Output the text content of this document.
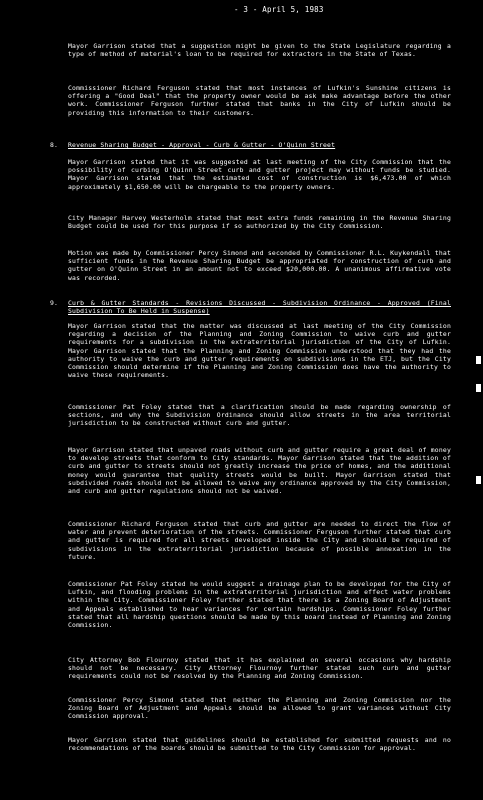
- 3 - April 5, 1983

Mayor Garrison stated that a suggestion might be given to the State Legislature regarding a type of method of material's loan to be required for extractors in the State of Texas.

Commissioner Richard Ferguson stated that most instances of Lufkin's Sunshine citizens is offering a "Good Deal" that the property owner would be ask make advantage before the other work. Commissioner Ferguson further stated that banks in the City of Lufkin should be providing this information to their customers.

8. Revenue Sharing Budget - Approval - Curb & Gutter - O'Quinn Street

Mayor Garrison stated that it was suggested at last meeting of the City Commission that the possibility of curbing O'Quinn Street curb and gutter project may without funds be studied. Mayor Garrison stated that the estimated cost of construction is $6,473.00 of which approximately $1,650.00 will be chargeable to the property owners.

City Manager Harvey Westerholm stated that most extra funds remaining in the Revenue Sharing Budget could be used for this purpose if so authorized by the City Commission.

Motion was made by Commissioner Percy Simond and seconded by Commissioner R.L. Kuykendall that sufficient funds in the Revenue Sharing Budget be appropriated for construction of curb and gutter on O'Quinn Street in an amount not to exceed $20,000.00. A unanimous affirmative vote was recorded.

9. Curb & Gutter Standards - Revisions Discussed - Subdivision Ordinance - Approved (Final Subdivision To Be Held in Suspense)

Mayor Garrison stated that the matter was discussed at last meeting of the City Commission regarding a decision of the Planning and Zoning Commission to waive curb and gutter requirements for a subdivision in the extraterritorial jurisdiction of the City of Lufkin. Mayor Garrison stated that the Planning and Zoning Commission understood that they had the authority to waive the curb and gutter requirements on subdivisions in the ETJ, but the City Commission should determine if the Planning and Zoning Commission does have the authority to waive these requirements.

Commissioner Pat Foley stated that a clarification should be made regarding ownership of sections, and why the Subdivision Ordinance should allow streets in the area territorial jurisdiction to be constructed without curb and gutter.

Mayor Garrison stated that unpaved roads without curb and gutter require a great deal of money to develop streets that conform to City standards. Mayor Garrison stated that the addition of curb and gutter to streets should not greatly increase the price of homes, and the additional money would guarantee that quality streets would be built. Mayor Garrison stated that subdivided roads should not be allowed to waive any ordinance approved by the City Commission, and curb and gutter regulations should not be waived.

Commissioner Richard Ferguson stated that curb and gutter are needed to direct the flow of water and prevent deterioration of the streets. Commissioner Ferguson further stated that curb and gutter is required for all streets developed inside the City and should be required of subdivisions in the extraterritorial jurisdiction because of possible annexation in the future.

Commissioner Pat Foley stated he would suggest a drainage plan to be developed for the City of Lufkin, and flooding problems in the extraterritorial jurisdiction and effect water problems within the City. Commissioner Foley further stated that there is a Zoning Board of Adjustment and Appeals established to hear variances for certain hardships. Commissioner Foley further stated that all hardship questions should be made by this board instead of Planning and Zoning Commission.

City Attorney Bob Flournoy stated that it has explained on several occasions why hardship should not be necessary. City Attorney Flournoy further stated such curb and gutter requirements could not be resolved by the Planning and Zoning Commission.

Commissioner Percy Simond stated that neither the Planning and Zoning Commission nor the Zoning Board of Adjustment and Appeals should be allowed to grant variances without City Commission approval.

Mayor Garrison stated that guidelines should be established for submitted requests and no recommendations of the boards should be submitted to the City Commission for approval.
